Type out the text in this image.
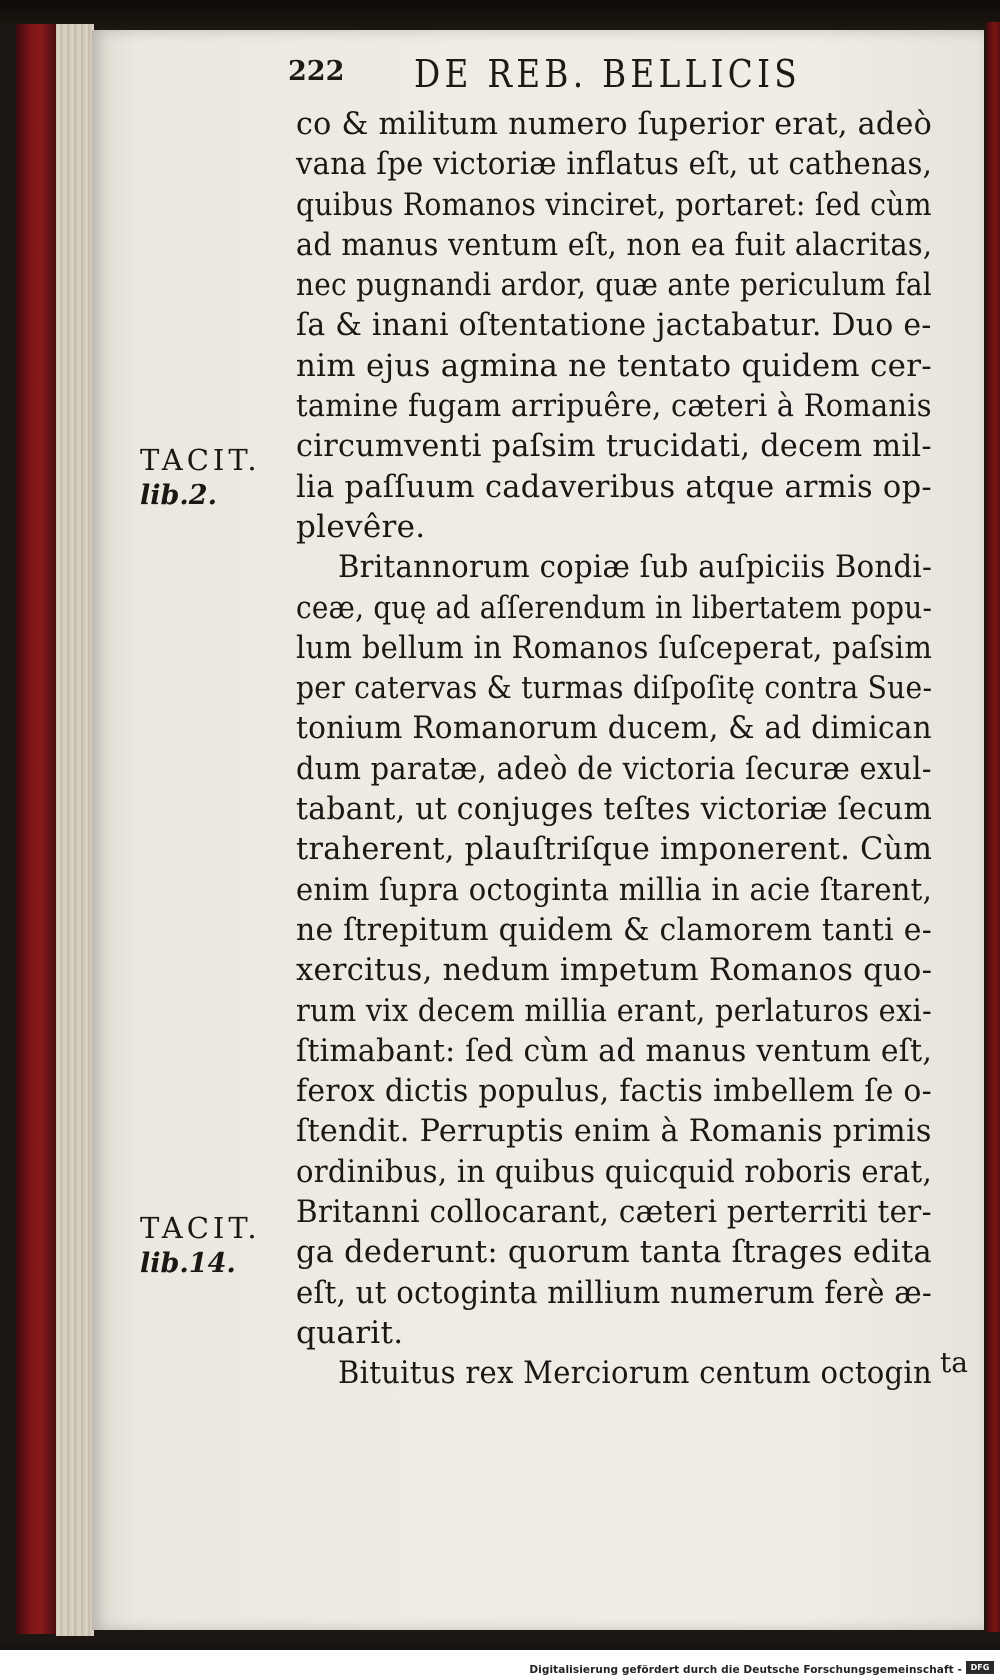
222 DE REB. BELLICIS
TACIT.
lib.2.
TACIT.
lib.14.
co & militum numero ſuperior erat, adeò
vana ſpe victoriæ inflatus eſt, ut cathenas,
quibus Romanos vinciret, portaret: ſed cùm
ad manus ventum eſt, non ea fuit alacritas,
nec pugnandi ardor, quæ ante periculum fal
ſa & inani oſtentatione jactabatur. Duo e-
nim ejus agmina ne tentato quidem cer-
tamine fugam arripuêre, cæteri à Romanis
circumventi paſsim trucidati, decem mil-
lia paſſuum cadaveribus atque armis op-
plevêre.
Britannorum copiæ ſub auſpiciis Bondi-
ceæ, quę ad aſſerendum in libertatem popu-
lum bellum in Romanos ſuſceperat, paſsim
per catervas & turmas diſpoſitę contra Sue-
tonium Romanorum ducem, & ad dimican
dum paratæ, adeò de victoria ſecuræ exul-
tabant, ut conjuges teſtes victoriæ ſecum
traherent, plauſtriſque imponerent. Cùm
enim ſupra octoginta millia in acie ſtarent,
ne ſtrepitum quidem & clamorem tanti e-
xercitus, nedum impetum Romanos quo-
rum vix decem millia erant, perlaturos exi-
ſtimabant: ſed cùm ad manus ventum eſt,
ferox dictis populus, factis imbellem ſe o-
ſtendit. Perruptis enim à Romanis primis
ordinibus, in quibus quicquid roboris erat,
Britanni collocarant, cæteri perterriti ter-
ga dederunt: quorum tanta ſtrages edita
eſt, ut octoginta millium numerum ferè æ-
quarit.
Bituitus rex Merciorum centum octogin ta
Digitalisierung gefördert durch die Deutsche Forschungsgemeinschaft -	DFG
